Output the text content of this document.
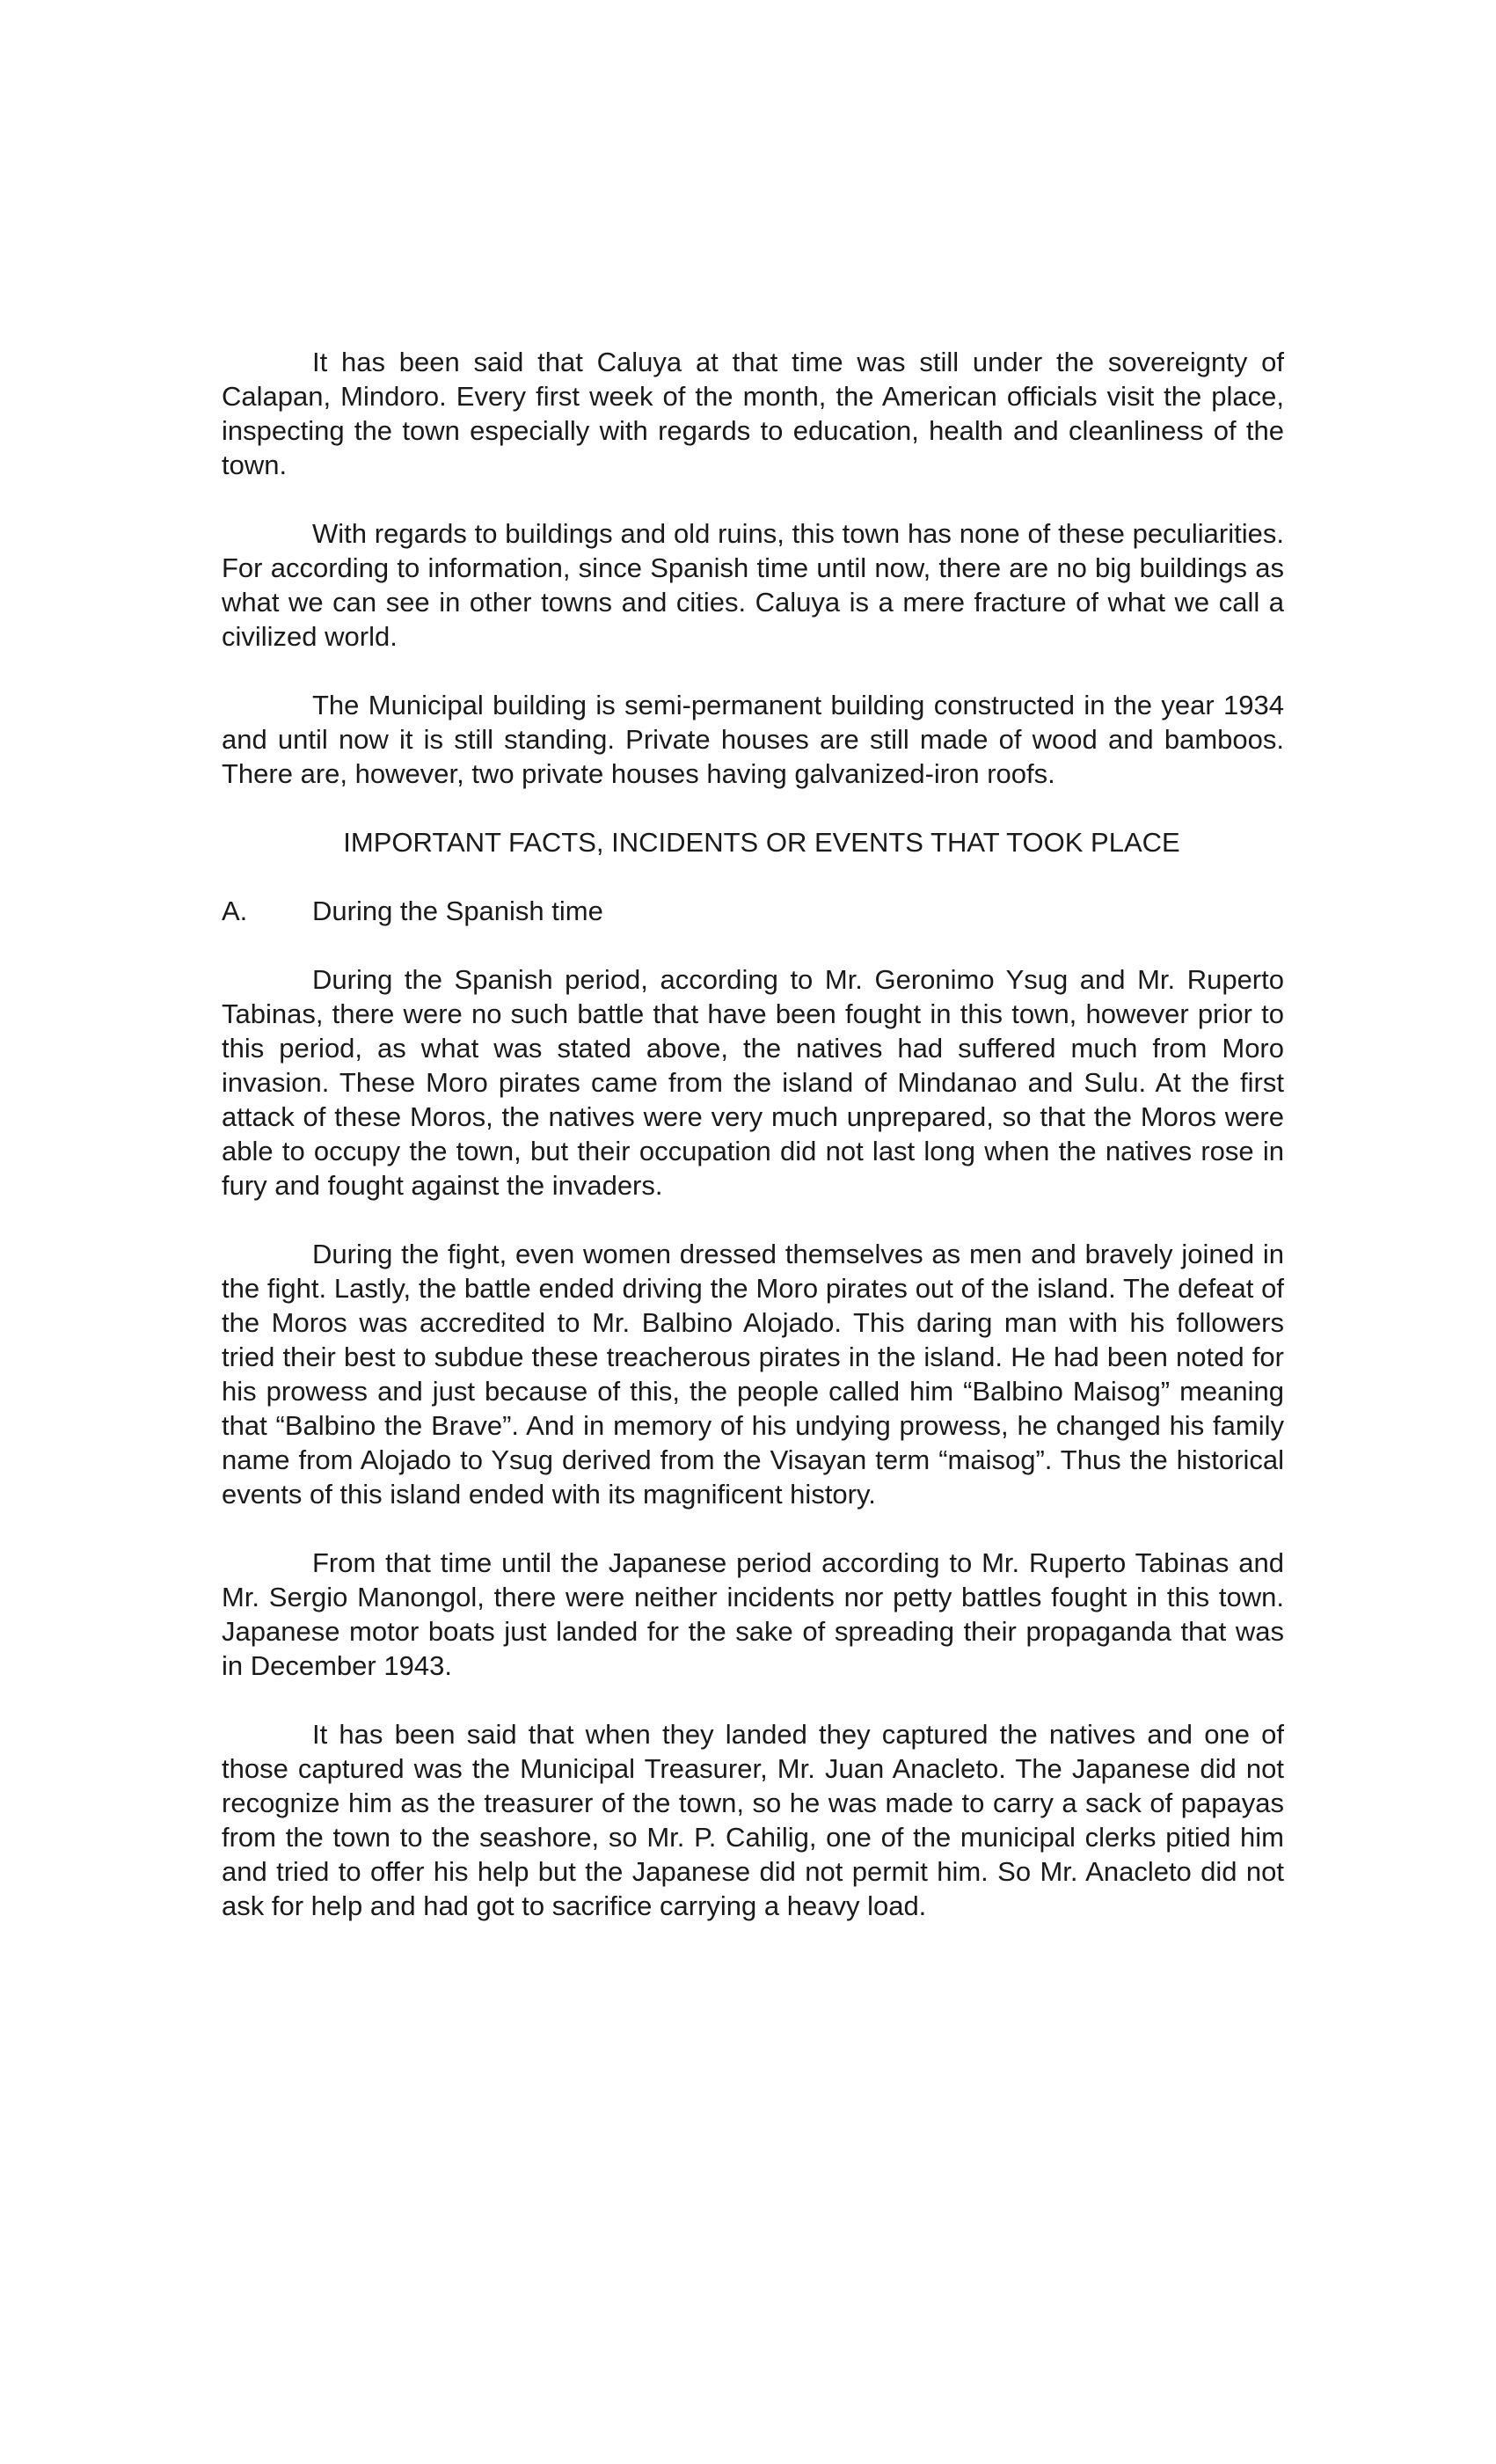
It has been said that Caluya at that time was still under the sovereignty of Calapan, Mindoro. Every first week of the month, the American officials visit the place, inspecting the town especially with regards to education, health and cleanliness of the town.

With regards to buildings and old ruins, this town has none of these peculiarities. For according to information, since Spanish time until now, there are no big buildings as what we can see in other towns and cities. Caluya is a mere fracture of what we call a civilized world.

The Municipal building is semi-permanent building constructed in the year 1934 and until now it is still standing. Private houses are still made of wood and bamboos. There are, however, two private houses having galvanized-iron roofs.

IMPORTANT FACTS, INCIDENTS OR EVENTS THAT TOOK PLACE
A. During the Spanish time

During the Spanish period, according to Mr. Geronimo Ysug and Mr. Ruperto Tabinas, there were no such battle that have been fought in this town, however prior to this period, as what was stated above, the natives had suffered much from Moro invasion. These Moro pirates came from the island of Mindanao and Sulu. At the first attack of these Moros, the natives were very much unprepared, so that the Moros were able to occupy the town, but their occupation did not last long when the natives rose in fury and fought against the invaders.

During the fight, even women dressed themselves as men and bravely joined in the fight. Lastly, the battle ended driving the Moro pirates out of the island. The defeat of the Moros was accredited to Mr. Balbino Alojado. This daring man with his followers tried their best to subdue these treacherous pirates in the island. He had been noted for his prowess and just because of this, the people called him “Balbino Maisog” meaning that “Balbino the Brave”. And in memory of his undying prowess, he changed his family name from Alojado to Ysug derived from the Visayan term “maisog”. Thus the historical events of this island ended with its magnificent history.

From that time until the Japanese period according to Mr. Ruperto Tabinas and Mr. Sergio Manongol, there were neither incidents nor petty battles fought in this town. Japanese motor boats just landed for the sake of spreading their propaganda that was in December 1943.

It has been said that when they landed they captured the natives and one of those captured was the Municipal Treasurer, Mr. Juan Anacleto. The Japanese did not recognize him as the treasurer of the town, so he was made to carry a sack of papayas from the town to the seashore, so Mr. P. Cahilig, one of the municipal clerks pitied him and tried to offer his help but the Japanese did not permit him. So Mr. Anacleto did not ask for help and had got to sacrifice carrying a heavy load.
